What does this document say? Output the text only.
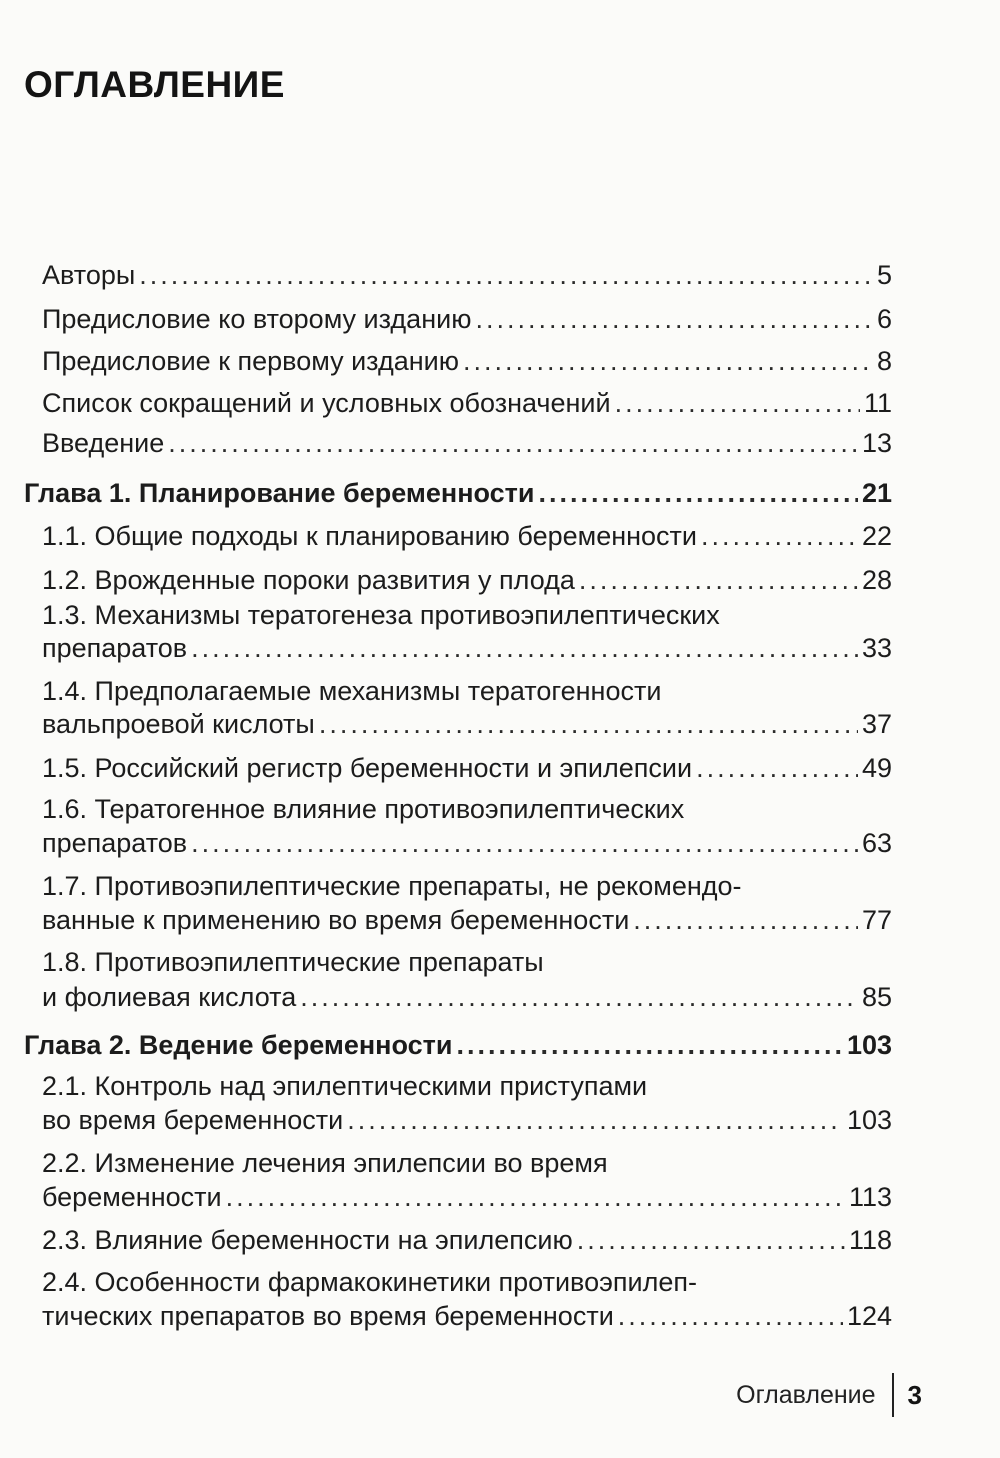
ОГЛАВЛЕНИЕ
Авторы .....	5
Предисловие ко второму изданию .....	6
Предисловие к первому изданию .....	8
Список сокращений и условных обозначений .....	11
Введение .....	13
Глава 1. Планирование беременности .....	21
1.1. Общие подходы к планированию беременности .....	22
1.2. Врожденные пороки развития у плода .....	28
1.3. Механизмы тератогенеза противоэпилептических
препаратов .....	33
1.4. Предполагаемые механизмы тератогенности
вальпроевой кислоты .....	37
1.5. Российский регистр беременности и эпилепсии .....	49
1.6. Тератогенное влияние противоэпилептических
препаратов .....	63
1.7. Противоэпилептические препараты, не рекомендо-
ванные к применению во время беременности .....	77
1.8. Противоэпилептические препараты
и фолиевая кислота .....	85
Глава 2. Ведение беременности .....	103
2.1. Контроль над эпилептическими приступами
во время беременности .....	103
2.2. Изменение лечения эпилепсии во время
беременности .....	113
2.3. Влияние беременности на эпилепсию .....	118
2.4. Особенности фармакокинетики противоэпилеп-
тических препаратов во время беременности .....	124
Оглавление	3
